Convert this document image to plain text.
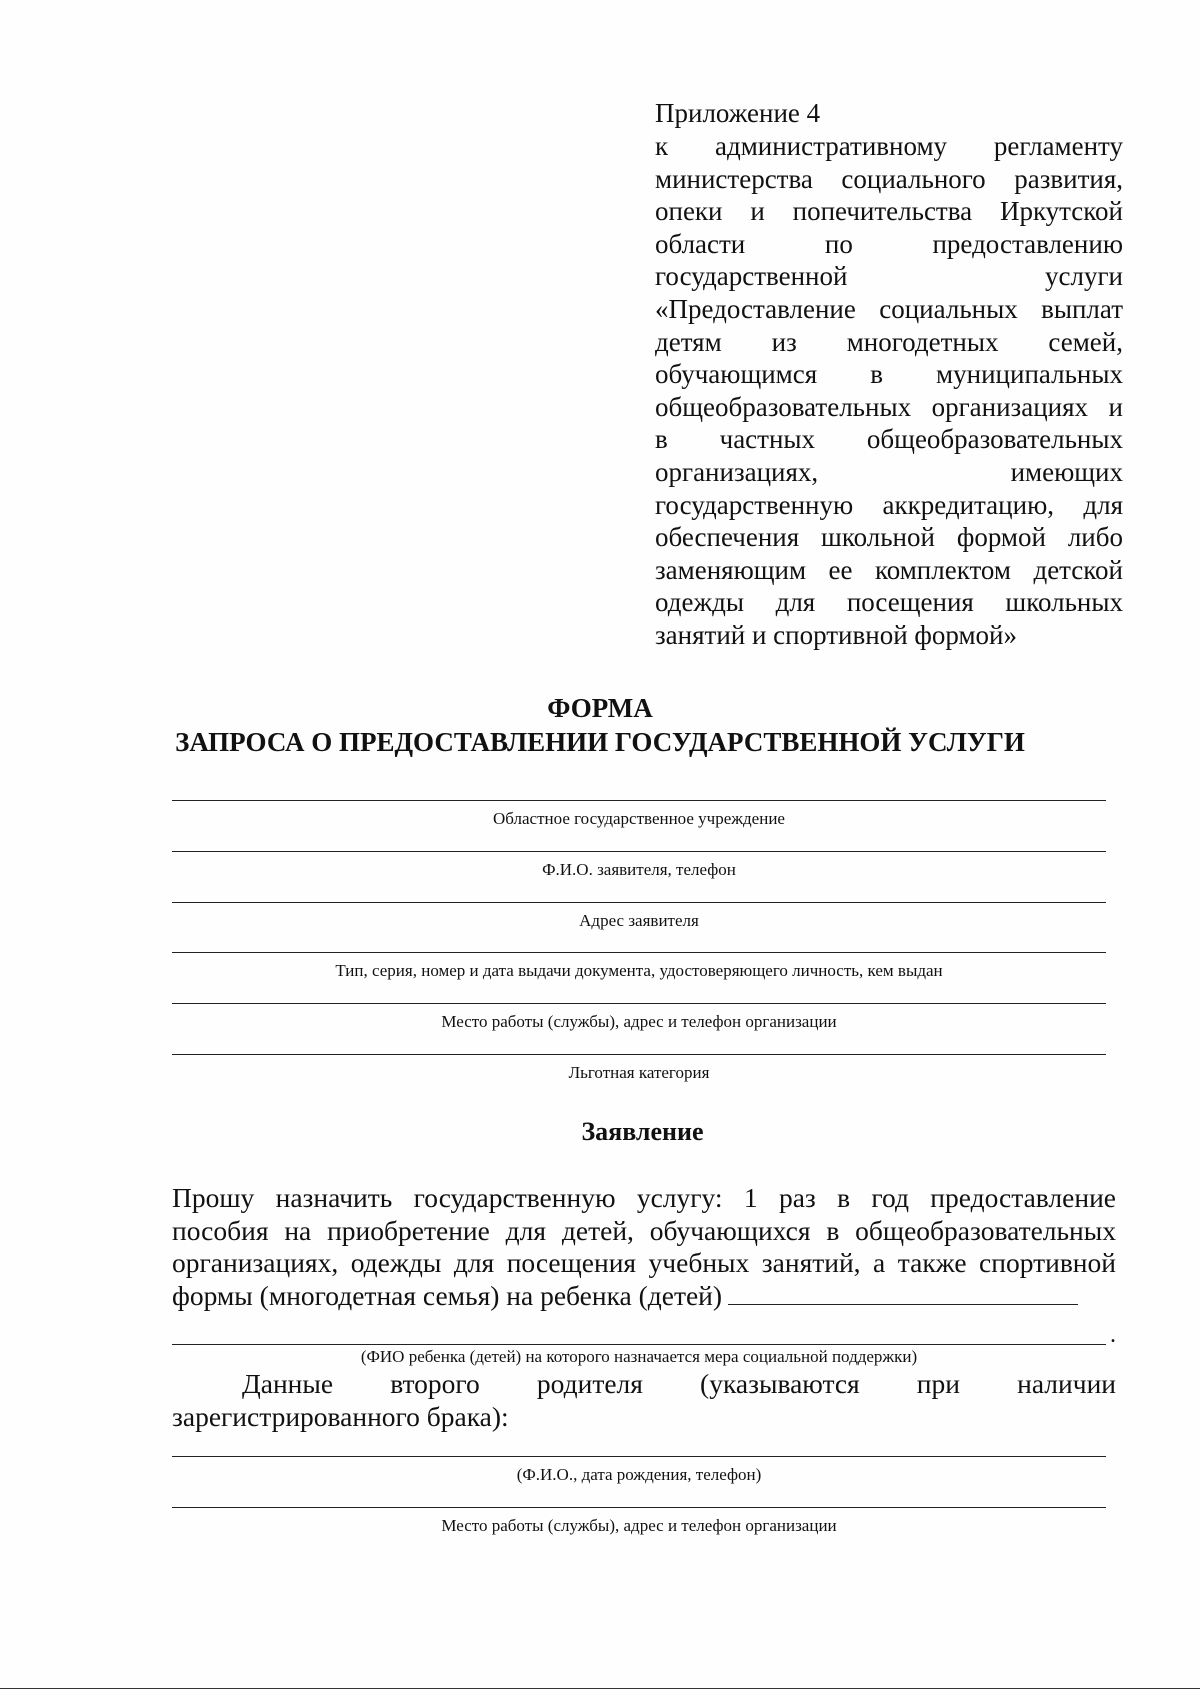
Приложение 4

к административному регламенту

министерства социального развития,

опеки и попечительства Иркутской

области по предоставлению

государственной услуги

«Предоставление социальных выплат

детям из многодетных семей,

обучающимся в муниципальных

общеобразовательных организациях и

в частных общеобразовательных

организациях, имеющих

государственную аккредитацию, для

обеспечения школьной формой либо

заменяющим ее комплектом детской

одежды для посещения школьных

занятий и спортивной формой»

ФОРМА
ЗАПРОСА О ПРЕДОСТАВЛЕНИИ ГОСУДАРСТВЕННОЙ УСЛУГИ
Областное государственное учреждение
Ф.И.О. заявителя, телефон
Адрес заявителя
Тип, серия, номер и дата выдачи документа, удостоверяющего личность, кем выдан
Место работы (службы), адрес и телефон организации
Льготная категория
Заявление
Прошу назначить государственную услугу: 1 раз в год предоставление
пособия на приобретение для детей, обучающихся в общеобразовательных
организациях, одежды для посещения учебных занятий, а также спортивной
формы (многодетная семья) на ребенка (детей)
.
(ФИО ребенка (детей) на которого назначается мера социальной поддержки)
Данные второго родителя (указываются при наличии
зарегистрированного брака):
(Ф.И.О., дата рождения, телефон)
Место работы (службы), адрес и телефон организации
